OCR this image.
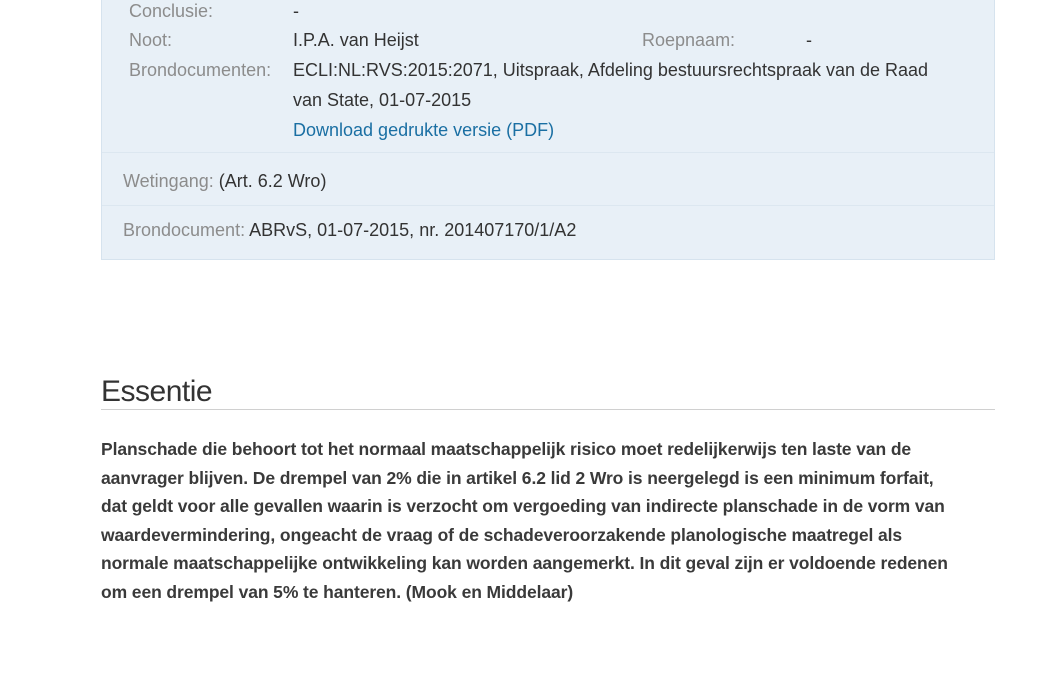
Conclusie:	-
Noot:	I.P.A. van Heijst	Roepnaam:	-
Brondocumenten: ECLI:NL:RVS:2015:2071, Uitspraak, Afdeling bestuursrechtspraak van de Raad
van State, 01-07-2015
Download gedrukte versie (PDF)
Wetingang: (Art. 6.2 Wro)
Brondocument: ABRvS, 01-07-2015, nr. 201407170/1/A2
Essentie
Planschade die behoort tot het normaal maatschappelijk risico moet redelijkerwijs ten laste van de
aanvrager blijven. De drempel van 2% die in artikel 6.2 lid 2 Wro is neergelegd is een minimum forfait,
dat geldt voor alle gevallen waarin is verzocht om vergoeding van indirecte planschade in de vorm van
waardevermindering, ongeacht de vraag of de schadeveroorzakende planologische maatregel als
normale maatschappelijke ontwikkeling kan worden aangemerkt. In dit geval zijn er voldoende redenen
om een drempel van 5% te hanteren. (Mook en Middelaar)
